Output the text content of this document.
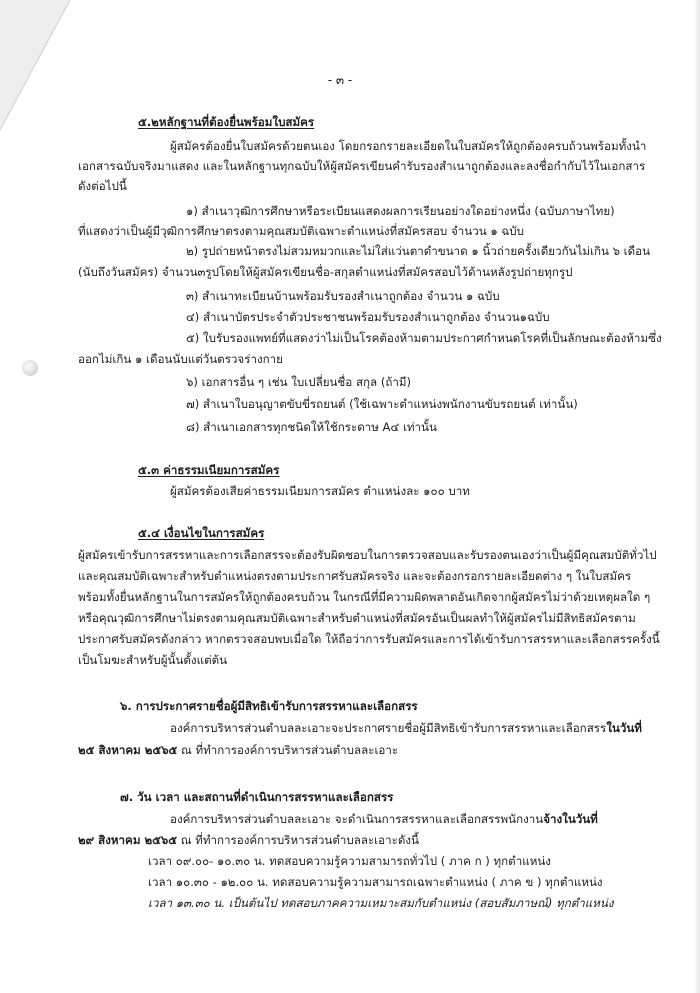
- ๓ -
๕.๒หลักฐานที่ต้องยื่นพร้อมใบสมัคร
ผู้สมัครต้องยื่นใบสมัครด้วยตนเอง โดยกรอกรายละเอียดในใบสมัครให้ถูกต้องครบถ้วนพร้อมทั้งนำ
เอกสารฉบับจริงมาแสดง และในหลักฐานทุกฉบับให้ผู้สมัครเขียนคำรับรองสำเนาถูกต้องและลงชื่อกำกับไว้ในเอกสาร
ดังต่อไปนี้
๑) สำเนาวุฒิการศึกษาหรือระเบียนแสดงผลการเรียนอย่างใดอย่างหนึ่ง (ฉบับภาษาไทย)
ที่แสดงว่าเป็นผู้มีวุฒิการศึกษาตรงตามคุณสมบัติเฉพาะตำแหน่งที่สมัครสอบ จำนวน ๑ ฉบับ
๒) รูปถ่ายหน้าตรงไม่สวมหมวกและไม่ใส่แว่นตาดำขนาด ๑ นิ้วถ่ายครั้งเดียวกันไม่เกิน ๖ เดือน
(นับถึงวันสมัคร) จำนวน๓รูปโดยให้ผู้สมัครเขียนชื่อ-สกุลตำแหน่งที่สมัครสอบไว้ด้านหลังรูปถ่ายทุกรูป
๓) สำเนาทะเบียนบ้านพร้อมรับรองสำเนาถูกต้อง จำนวน ๑ ฉบับ
๔) สำเนาบัตรประจำตัวประชาชนพร้อมรับรองสำเนาถูกต้อง จำนวน๑ฉบับ
๕) ใบรับรองแพทย์ที่แสดงว่าไม่เป็นโรคต้องห้ามตามประกาศกำหนดโรคที่เป็นลักษณะต้องห้ามซึ่ง
ออกไม่เกิน ๑ เดือนนับแต่วันตรวจร่างกาย
๖) เอกสารอื่น ๆ เช่น ใบเปลี่ยนชื่อ สกุล (ถ้ามี)
๗) สำเนาใบอนุญาตขับขี่รถยนต์ (ใช้เฉพาะตำแหน่งพนักงานขับรถยนต์ เท่านั้น)
๘) สำเนาเอกสารทุกชนิดให้ใช้กระดาษ A๔ เท่านั้น
๕.๓ ค่าธรรมเนียมการสมัคร
ผู้สมัครต้องเสียค่าธรรมเนียมการสมัคร ตำแหน่งละ ๑๐๐ บาท
๕.๔ เงื่อนไขในการสมัคร
ผู้สมัครเข้ารับการสรรหาและการเลือกสรรจะต้องรับผิดชอบในการตรวจสอบและรับรองตนเองว่าเป็นผู้มีคุณสมบัติทั่วไป
และคุณสมบัติเฉพาะสำหรับตำแหน่งตรงตามประกาศรับสมัครจริง และจะต้องกรอกรายละเอียดต่าง ๆ ในใบสมัคร
พร้อมทั้งยื่นหลักฐานในการสมัครให้ถูกต้องครบถ้วน ในกรณีที่มีความผิดพลาดอันเกิดจากผู้สมัครไม่ว่าด้วยเหตุผลใด ๆ
หรือคุณวุฒิการศึกษาไม่ตรงตามคุณสมบัติเฉพาะสำหรับตำแหน่งที่สมัครอันเป็นผลทำให้ผู้สมัครไม่มีสิทธิสมัครตาม
ประกาศรับสมัครดังกล่าว หากตรวจสอบพบเมื่อใด ให้ถือว่าการรับสมัครและการได้เข้ารับการสรรหาและเลือกสรรครั้งนี้
เป็นโมฆะสำหรับผู้นั้นตั้งแต่ต้น
๖. การประกาศรายชื่อผู้มีสิทธิเข้ารับการสรรหาและเลือกสรร
องค์การบริหารส่วนตำบลละเอาะจะประกาศรายชื่อผู้มีสิทธิเข้ารับการสรรหาและเลือกสรรในวันที่
๒๕ สิงหาคม ๒๕๖๕ ณ ที่ทำการองค์การบริหารส่วนตำบลละเอาะ
๗. วัน เวลา และสถานที่ดำเนินการสรรหาและเลือกสรร
องค์การบริหารส่วนตำบลละเอาะ จะดำเนินการสรรหาและเลือกสรรพนักงานจ้างในวันที่
๒๙ สิงหาคม ๒๕๖๕ ณ ที่ทำการองค์การบริหารส่วนตำบลละเอาะดังนี้
เวลา ๐๙.๐๐- ๑๐.๓๐ น. ทดสอบความรู้ความสามารถทั่วไป ( ภาค ก ) ทุกตำแหน่ง
เวลา ๑๐.๓๐ - ๑๒.๐๐ น. ทดสอบความรู้ความสามารถเฉพาะตำแหน่ง ( ภาค ข ) ทุกตำแหน่ง
เวลา ๑๓.๓๐ น. เป็นต้นไป ทดสอบภาคความเหมาะสมกับตำแหน่ง (สอบสัมภาษณ์) ทุกตำแหน่ง
